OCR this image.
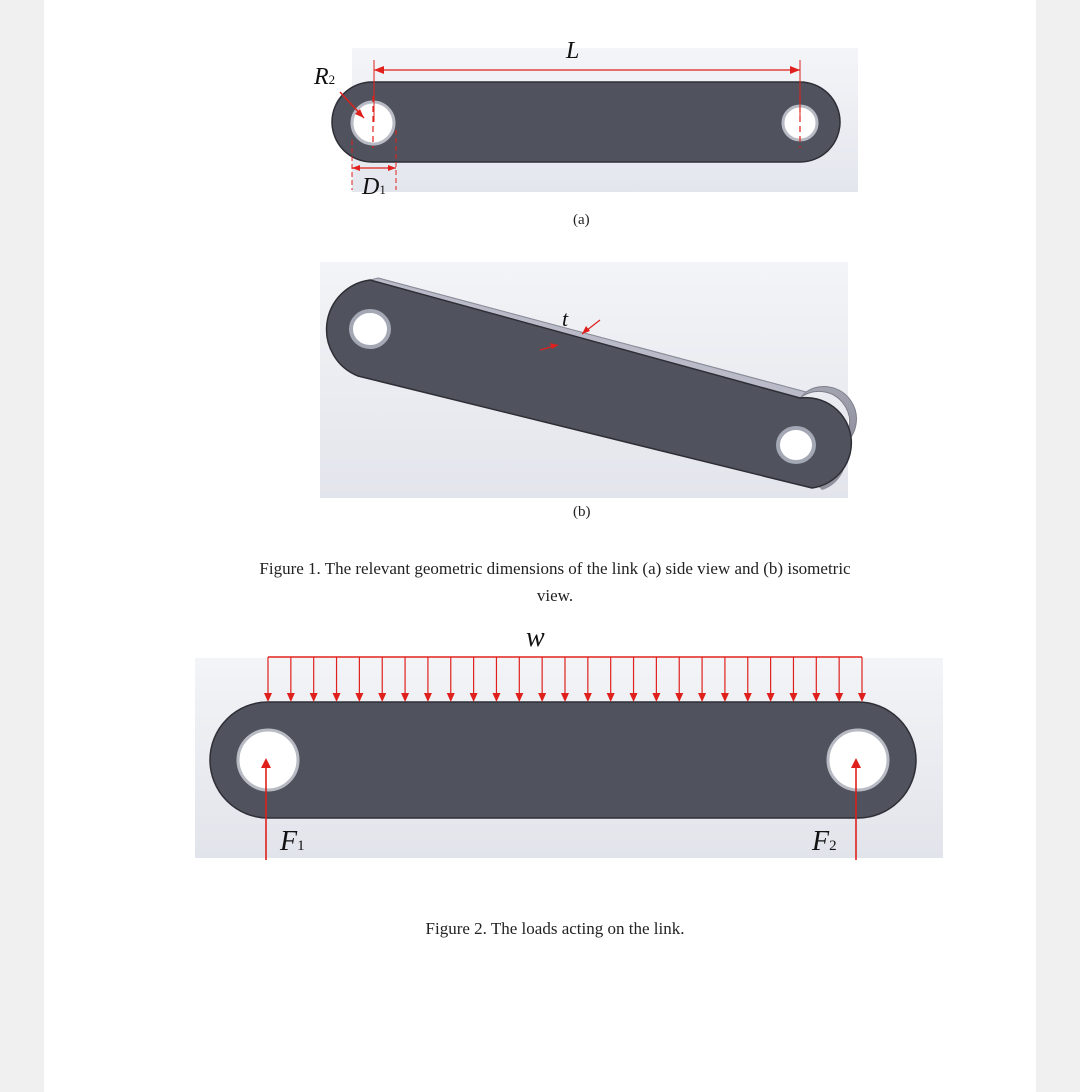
L
R2
D1
(a)
t
(b)
Figure 1. The relevant geometric dimensions of the link (a) side view and (b) isometric
view.
w
F1	F2
Figure 2. The loads acting on the link.
